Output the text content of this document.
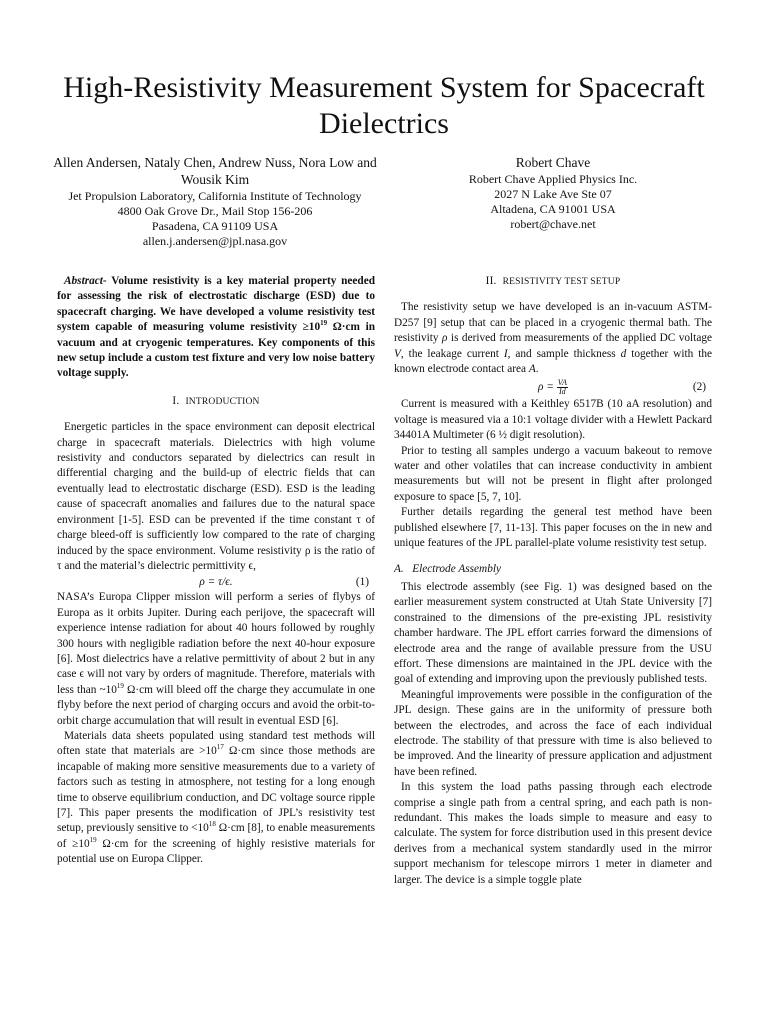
High-Resistivity Measurement System for Spacecraft Dielectrics
Allen Andersen, Nataly Chen, Andrew Nuss, Nora Low and Wousik Kim
Jet Propulsion Laboratory, California Institute of Technology
4800 Oak Grove Dr., Mail Stop 156-206
Pasadena, CA 91109 USA
allen.j.andersen@jpl.nasa.gov
Robert Chave
Robert Chave Applied Physics Inc.
2027 N Lake Ave Ste 07
Altadena, CA 91001 USA
robert@chave.net

Abstract- Volume resistivity is a key material property needed for assessing the risk of electrostatic discharge (ESD) due to spacecraft charging. We have developed a volume resistivity test system capable of measuring volume resistivity $\ge 10^{19}$ Ω·cm in vacuum and at cryogenic temperatures. Key components of this new setup include a custom test fixture and very low noise battery voltage supply.

I. INTRODUCTION

Energetic particles in the space environment can deposit electrical charge in spacecraft materials. Dielectrics with high volume resistivity and conductors separated by dielectrics can result in differential charging and the build-up of electric fields that can eventually lead to electrostatic discharge (ESD). ESD is the leading cause of spacecraft anomalies and failures due to the natural space environment [1-5]. ESD can be prevented if the time constant τ of charge bleed-off is sufficiently low compared to the rate of charging induced by the space environment. Volume resistivity ρ is the ratio of τ and the material’s dielectric permittivity ϵ,

ρ = τ/ϵ.	(1)

NASA’s Europa Clipper mission will perform a series of flybys of Europa as it orbits Jupiter. During each perijove, the spacecraft will experience intense radiation for about 40 hours followed by roughly 300 hours with negligible radiation before the next 40-hour exposure [6]. Most dielectrics have a relative permittivity of about 2 but in any case ϵ will not vary by orders of magnitude. Therefore, materials with less than $\sim 10^{19}$ Ω·cm will bleed off the charge they accumulate in one flyby before the next period of charging occurs and avoid the orbit-to-orbit charge accumulation that will result in eventual ESD [6].

Materials data sheets populated using standard test methods will often state that materials are $>10^{17}$ Ω·cm since those methods are incapable of making more sensitive measurements due to a variety of factors such as testing in atmosphere, not testing for a long enough time to observe equilibrium conduction, and DC voltage source ripple [7]. This paper presents the modification of JPL’s resistivity test setup, previously sensitive to $<10^{18}$ Ω·cm [8], to enable measurements of $\ge 10^{19}$ Ω·cm for the screening of highly resistive materials for potential use on Europa Clipper.

II. RESISTIVITY TEST SETUP

The resistivity setup we have developed is an in-vacuum ASTM-D257 [9] setup that can be placed in a cryogenic thermal bath. The resistivity ρ is derived from measurements of the applied DC voltage V, the leakage current I, and sample thickness d together with the known electrode contact area A.

$\rho = \frac{VA}{Id}$	(2)

Current is measured with a Keithley 6517B (10 aA resolution) and voltage is measured via a 10:1 voltage divider with a Hewlett Packard 34401A Multimeter (6 ½ digit resolution).

Prior to testing all samples undergo a vacuum bakeout to remove water and other volatiles that can increase conductivity in ambient measurements but will not be present in flight after prolonged exposure to space [5, 7, 10].

Further details regarding the general test method have been published elsewhere [7, 11-13]. This paper focuses on the in new and unique features of the JPL parallel-plate volume resistivity test setup.

A. Electrode Assembly

This electrode assembly (see Fig. 1) was designed based on the earlier measurement system constructed at Utah State University [7] constrained to the dimensions of the pre-existing JPL resistivity chamber hardware. The JPL effort carries forward the dimensions of electrode area and the range of available pressure from the USU effort. These dimensions are maintained in the JPL device with the goal of extending and improving upon the previously published tests.

Meaningful improvements were possible in the configuration of the JPL design. These gains are in the uniformity of pressure both between the electrodes, and across the face of each individual electrode. The stability of that pressure with time is also believed to be improved. And the linearity of pressure application and adjustment have been refined.

In this system the load paths passing through each electrode comprise a single path from a central spring, and each path is non-redundant. This makes the loads simple to measure and easy to calculate. The system for force distribution used in this present device derives from a mechanical system standardly used in the mirror support mechanism for telescope mirrors 1 meter in diameter and larger. The device is a simple toggle plate
